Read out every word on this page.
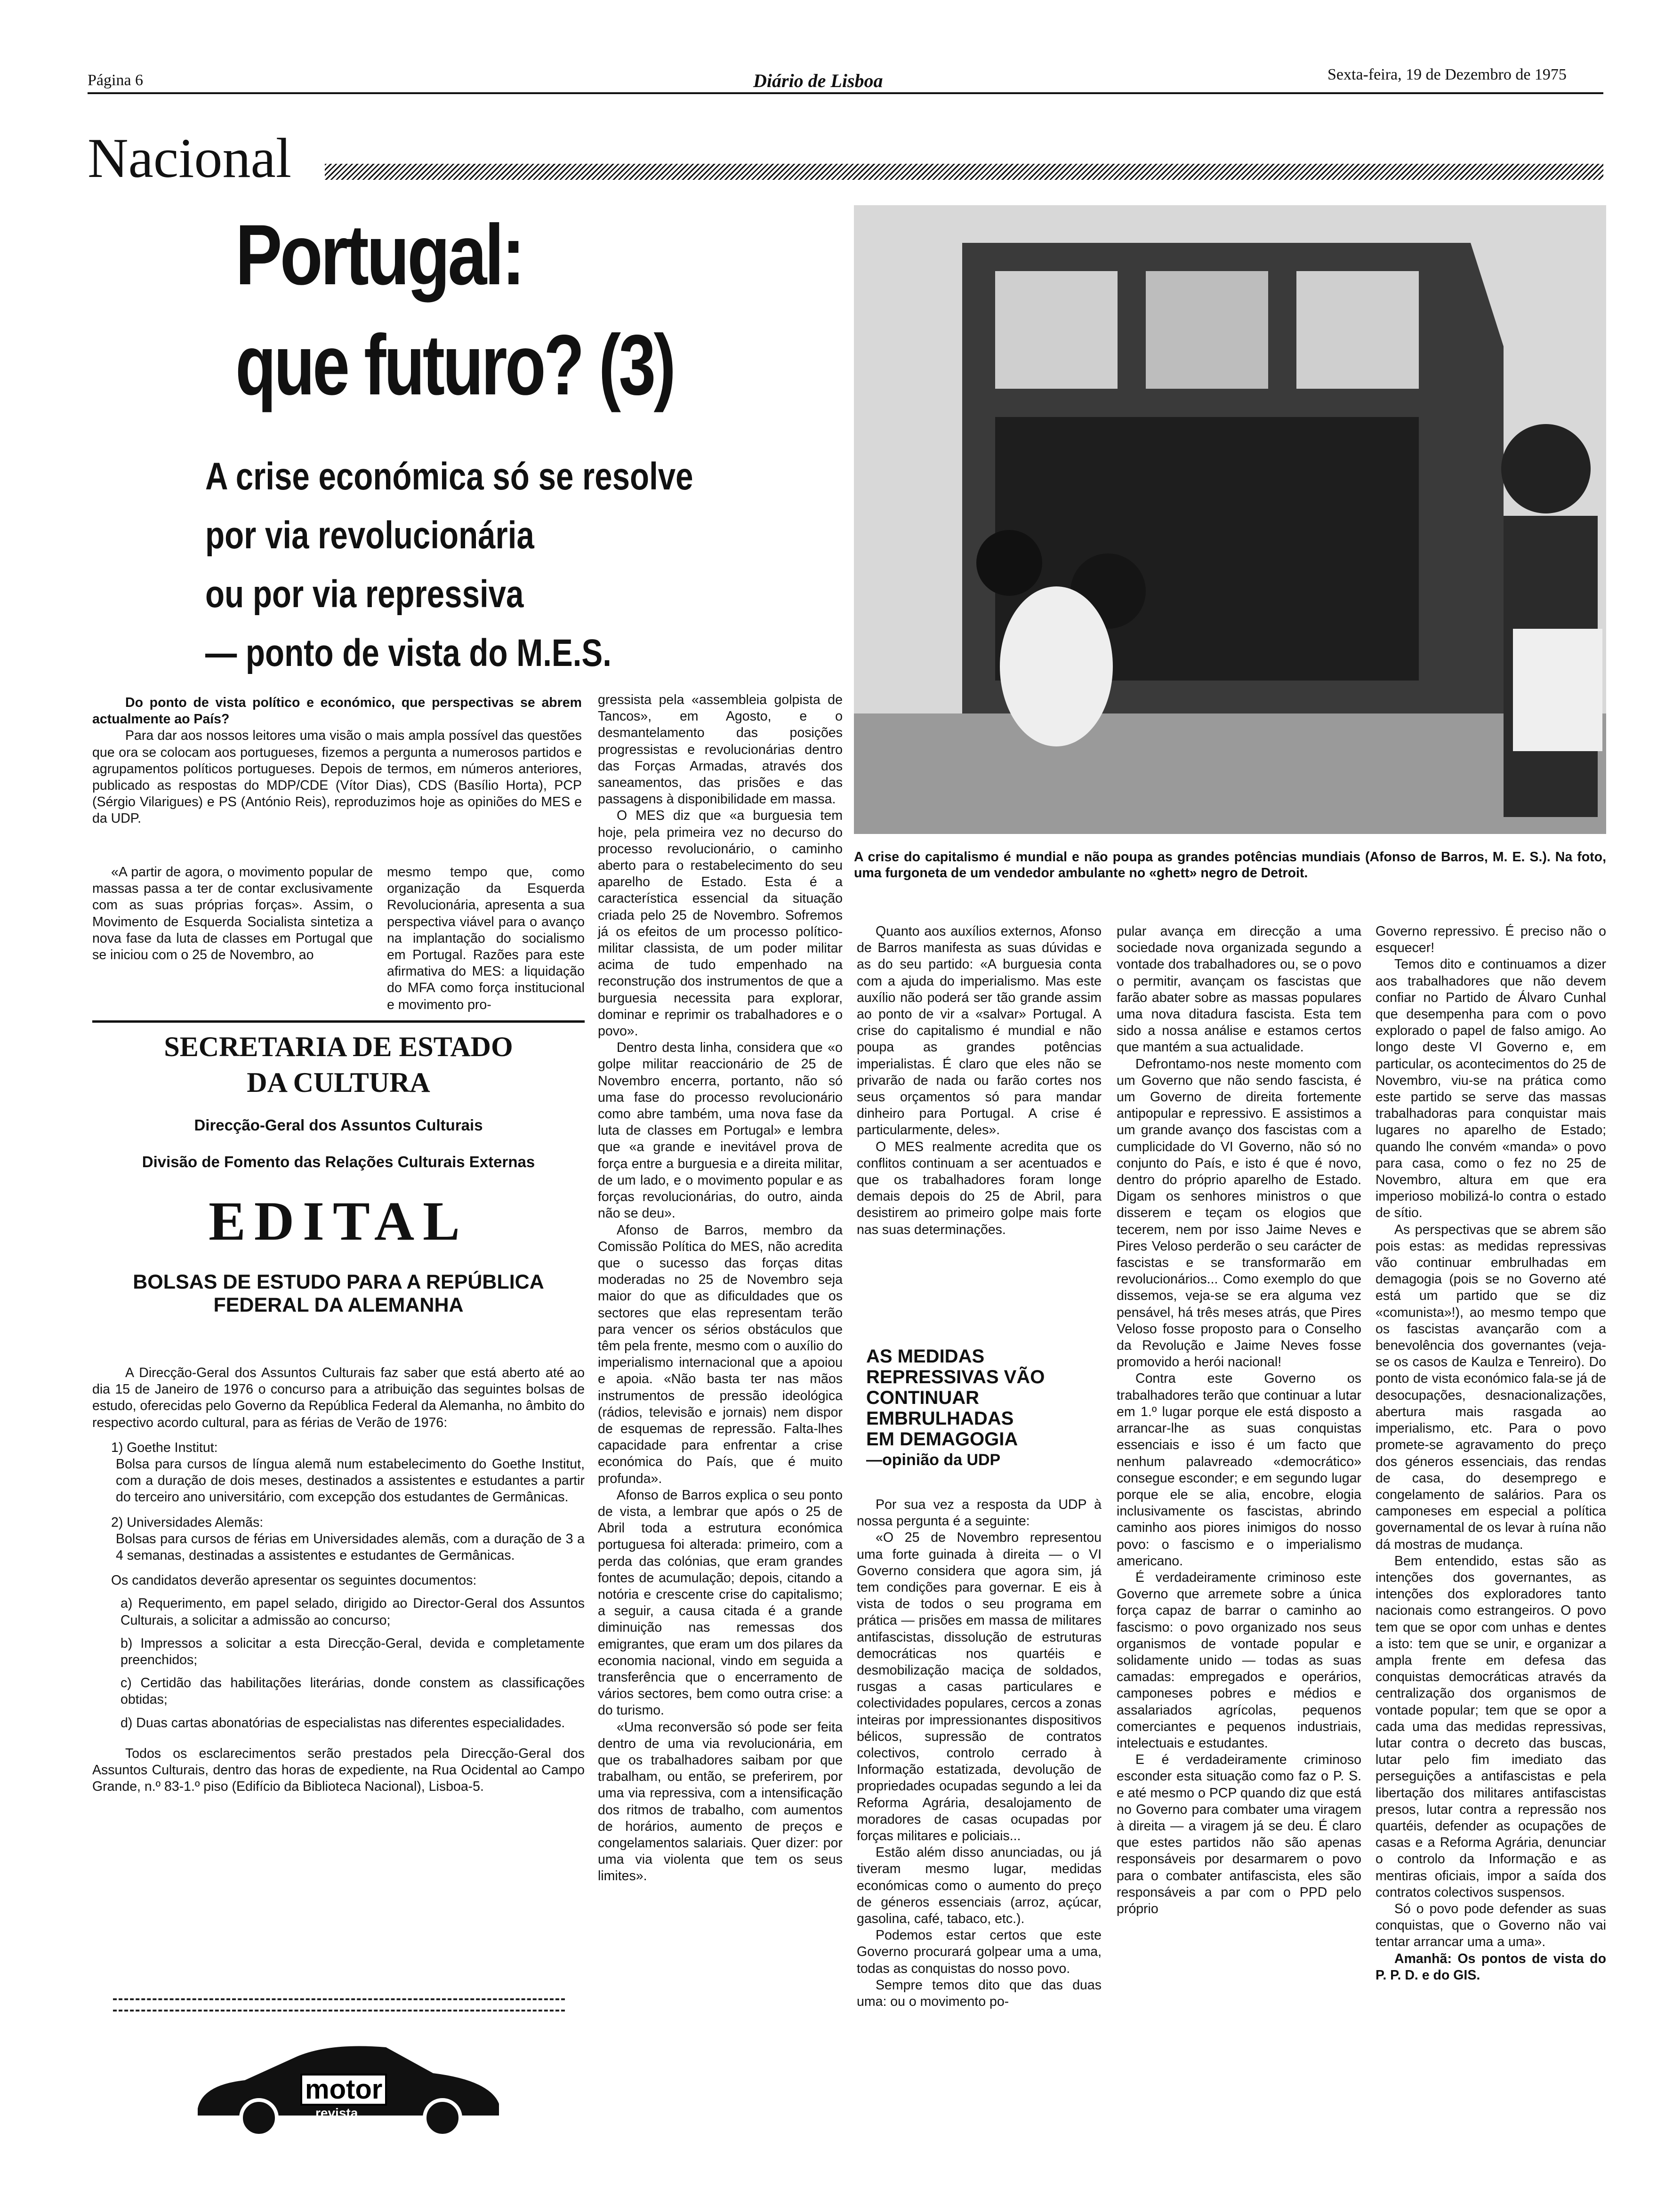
Página 6	Diário de Lisboa	Sexta-feira, 19 de Dezembro de 1975
Nacional
Portugal:
que futuro? (3)
A crise económica só se resolve
por via revolucionária
ou por via repressiva
— ponto de vista do M.E.S.
A crise do capitalismo é mundial e não poupa as grandes potências mundiais (Afonso de Barros, M. E. S.). Na foto, uma furgoneta de um vendedor ambulante no «ghett» negro de Detroit.
Do ponto de vista político e económico, que perspectivas se abrem actualmente ao País?
Para dar aos nossos leitores uma visão o mais ampla possível das questões que ora se colocam aos portugueses, fizemos a pergunta a numerosos partidos e agrupamentos políticos portugueses. Depois de termos, em números anteriores, publicado as respostas do MDP/CDE (Vítor Dias), CDS (Basílio Horta), PCP (Sérgio Vilarigues) e PS (António Reis), reproduzimos hoje as opiniões do MES e da UDP.
«A partir de agora, o movimento popular de massas passa a ter de contar exclusivamente com as suas próprias forças». Assim, o Movimento de Esquerda Socialista sintetiza a nova fase da luta de classes em Portugal que se iniciou com o 25 de Novembro, ao
mesmo tempo que, como organização da Esquerda Revolucionária, apresenta a sua perspectiva viável para o avanço na implantação do socialismo em Portugal. Razões para este afirmativa do MES: a liquidação do MFA como força institucional e movimento pro-

gressista pela «assembleia golpista de Tancos», em Agosto, e o desmantelamento das posições progressistas e revolucionárias dentro das Forças Armadas, através dos saneamentos, das prisões e das passagens à disponibilidade em massa.

O MES diz que «a burguesia tem hoje, pela primeira vez no decurso do processo revolucionário, o caminho aberto para o restabelecimento do seu aparelho de Estado. Esta é a característica essencial da situação criada pelo 25 de Novembro. Sofremos já os efeitos de um processo político-militar classista, de um poder militar acima de tudo empenhado na reconstrução dos instrumentos de que a burguesia necessita para explorar, dominar e reprimir os trabalhadores e o povo».

Dentro desta linha, considera que «o golpe militar reaccionário de 25 de Novembro encerra, portanto, não só uma fase do processo revolucionário como abre também, uma nova fase da luta de classes em Portugal» e lembra que «a grande e inevitável prova de força entre a burguesia e a direita militar, de um lado, e o movimento popular e as forças revolucionárias, do outro, ainda não se deu».

Afonso de Barros, membro da Comissão Política do MES, não acredita que o sucesso das forças ditas moderadas no 25 de Novembro seja maior do que as dificuldades que os sectores que elas representam terão para vencer os sérios obstáculos que têm pela frente, mesmo com o auxílio do imperialismo internacional que a apoiou e apoia. «Não basta ter nas mãos instrumentos de pressão ideológica (rádios, televisão e jornais) nem dispor de esquemas de repressão. Falta-lhes capacidade para enfrentar a crise económica do País, que é muito profunda».

Afonso de Barros explica o seu ponto de vista, a lembrar que após o 25 de Abril toda a estrutura económica portuguesa foi alterada: primeiro, com a perda das colónias, que eram grandes fontes de acumulação; depois, citando a notória e crescente crise do capitalismo; a seguir, a causa citada é a grande diminuição nas remessas dos emigrantes, que eram um dos pilares da economia nacional, vindo em seguida a transferência que o encerramento de vários sectores, bem como outra crise: a do turismo.

«Uma reconversão só pode ser feita dentro de uma via revolucionária, em que os trabalhadores saibam por que trabalham, ou então, se preferirem, por uma via repressiva, com a intensificação dos ritmos de trabalho, com aumentos de horários, aumento de preços e congelamentos salariais. Quer dizer: por uma via violenta que tem os seus limites».

Quanto aos auxílios externos, Afonso de Barros manifesta as suas dúvidas e as do seu partido: «A burguesia conta com a ajuda do imperialismo. Mas este auxílio não poderá ser tão grande assim ao ponto de vir a «salvar» Portugal. A crise do capitalismo é mundial e não poupa as grandes potências imperialistas. É claro que eles não se privarão de nada ou farão cortes nos seus orçamentos só para mandar dinheiro para Portugal. A crise é particularmente, deles».

O MES realmente acredita que os conflitos continuam a ser acentuados e que os trabalhadores foram longe demais depois do 25 de Abril, para desistirem ao primeiro golpe mais forte nas suas determinações.

AS MEDIDAS
REPRESSIVAS VÃO
CONTINUAR
EMBRULHADAS
EM DEMAGOGIA
—opinião da UDP

Por sua vez a resposta da UDP à nossa pergunta é a seguinte:

«O 25 de Novembro representou uma forte guinada à direita — o VI Governo considera que agora sim, já tem condições para governar. E eis à vista de todos o seu programa em prática — prisões em massa de militares antifascistas, dissolução de estruturas democráticas nos quartéis e desmobilização maciça de soldados, rusgas a casas particulares e colectividades populares, cercos a zonas inteiras por impressionantes dispositivos bélicos, supressão de contratos colectivos, controlo cerrado à Informação estatizada, devolução de propriedades ocupadas segundo a lei da Reforma Agrária, desalojamento de moradores de casas ocupadas por forças militares e policiais...

Estão além disso anunciadas, ou já tiveram mesmo lugar, medidas económicas como o aumento do preço de géneros essenciais (arroz, açúcar, gasolina, café, tabaco, etc.).

Podemos estar certos que este Governo procurará golpear uma a uma, todas as conquistas do nosso povo.

Sempre temos dito que das duas uma: ou o movimento po-

pular avança em direcção a uma sociedade nova organizada segundo a vontade dos trabalhadores ou, se o povo o permitir, avançam os fascistas que farão abater sobre as massas populares uma nova ditadura fascista. Esta tem sido a nossa análise e estamos certos que mantém a sua actualidade.

Defrontamo-nos neste momento com um Governo que não sendo fascista, é um Governo de direita fortemente antipopular e repressivo. E assistimos a um grande avanço dos fascistas com a cumplicidade do VI Governo, não só no conjunto do País, e isto é que é novo, dentro do próprio aparelho de Estado. Digam os senhores ministros o que disserem e teçam os elogios que tecerem, nem por isso Jaime Neves e Pires Veloso perderão o seu carácter de fascistas e se transformarão em revolucionários... Como exemplo do que dissemos, veja-se se era alguma vez pensável, há três meses atrás, que Pires Veloso fosse proposto para o Conselho da Revolução e Jaime Neves fosse promovido a herói nacional!

Contra este Governo os trabalhadores terão que continuar a lutar em 1.º lugar porque ele está disposto a arrancar-lhe as suas conquistas essenciais e isso é um facto que nenhum palavreado «democrático» consegue esconder; e em segundo lugar porque ele se alia, encobre, elogia inclusivamente os fascistas, abrindo caminho aos piores inimigos do nosso povo: o fascismo e o imperialismo americano.

É verdadeiramente criminoso este Governo que arremete sobre a única força capaz de barrar o caminho ao fascismo: o povo organizado nos seus organismos de vontade popular e solidamente unido — todas as suas camadas: empregados e operários, camponeses pobres e médios e assalariados agrícolas, pequenos comerciantes e pequenos industriais, intelectuais e estudantes.

E é verdadeiramente criminoso esconder esta situação como faz o P. S. e até mesmo o PCP quando diz que está no Governo para combater uma viragem à direita — a viragem já se deu. É claro que estes partidos não são apenas responsáveis por desarmarem o povo para o combater antifascista, eles são responsáveis a par com o PPD pelo próprio

Governo repressivo. É preciso não o esquecer!

Temos dito e continuamos a dizer aos trabalhadores que não devem confiar no Partido de Álvaro Cunhal que desempenha para com o povo explorado o papel de falso amigo. Ao longo deste VI Governo e, em particular, os acontecimentos do 25 de Novembro, viu-se na prática como este partido se serve das massas trabalhadoras para conquistar mais lugares no aparelho de Estado; quando lhe convém «manda» o povo para casa, como o fez no 25 de Novembro, altura em que era imperioso mobilizá-lo contra o estado de sítio.

As perspectivas que se abrem são pois estas: as medidas repressivas vão continuar embrulhadas em demagogia (pois se no Governo até está um partido que se diz «comunista»!), ao mesmo tempo que os fascistas avançarão com a benevolência dos governantes (veja-se os casos de Kaulza e Tenreiro). Do ponto de vista económico fala-se já de desocupações, desnacionalizações, abertura mais rasgada ao imperialismo, etc. Para o povo promete-se agravamento do preço dos géneros essenciais, das rendas de casa, do desemprego e congelamento de salários. Para os camponeses em especial a política governamental de os levar à ruína não dá mostras de mudança.

Bem entendido, estas são as intenções dos governantes, as intenções dos exploradores tanto nacionais como estrangeiros. O povo tem que se opor com unhas e dentes a isto: tem que se unir, e organizar a ampla frente em defesa das conquistas democráticas através da centralização dos organismos de vontade popular; tem que se opor a cada uma das medidas repressivas, lutar contra o decreto das buscas, lutar pelo fim imediato das perseguições a antifascistas e pela libertação dos militares antifascistas presos, lutar contra a repressão nos quartéis, defender as ocupações de casas e a Reforma Agrária, denunciar o controlo da Informação e as mentiras oficiais, impor a saída dos contratos colectivos suspensos.

Só o povo pode defender as suas conquistas, que o Governo não vai tentar arrancar uma a uma».

Amanhã: Os pontos de vista do P. P. D. e do GIS.

SECRETARIA DE ESTADO
DA CULTURA
Direcção-Geral dos Assuntos Culturais
Divisão de Fomento das Relações Culturais Externas
EDITAL
BOLSAS DE ESTUDO PARA A REPÚBLICA
FEDERAL DA ALEMANHA

A Direcção-Geral dos Assuntos Culturais faz saber que está aberto até ao dia 15 de Janeiro de 1976 o concurso para a atribuição das seguintes bolsas de estudo, oferecidas pelo Governo da República Federal da Alemanha, no âmbito do respectivo acordo cultural, para as férias de Verão de 1976:

1) Goethe Institut:

Bolsa para cursos de língua alemã num estabelecimento do Goethe Institut, com a duração de dois meses, destinados a assistentes e estudantes a partir do terceiro ano universitário, com excepção dos estudantes de Germânicas.

2) Universidades Alemãs:

Bolsas para cursos de férias em Universidades alemãs, com a duração de 3 a 4 semanas, destinadas a assistentes e estudantes de Germânicas.

Os candidatos deverão apresentar os seguintes documentos:

a) Requerimento, em papel selado, dirigido ao Director-Geral dos Assuntos Culturais, a solicitar a admissão ao concurso;

b) Impressos a solicitar a esta Direcção-Geral, devida e completamente preenchidos;

c) Certidão das habilitações literárias, donde constem as classificações obtidas;

d) Duas cartas abonatórias de especialistas nas diferentes especialidades.

Todos os esclarecimentos serão prestados pela Direcção-Geral dos Assuntos Culturais, dentro das horas de expediente, na Rua Ocidental ao Campo Grande, n.º 83-1.º piso (Edifício da Biblioteca Nacional), Lisboa-5.

motor
revista
